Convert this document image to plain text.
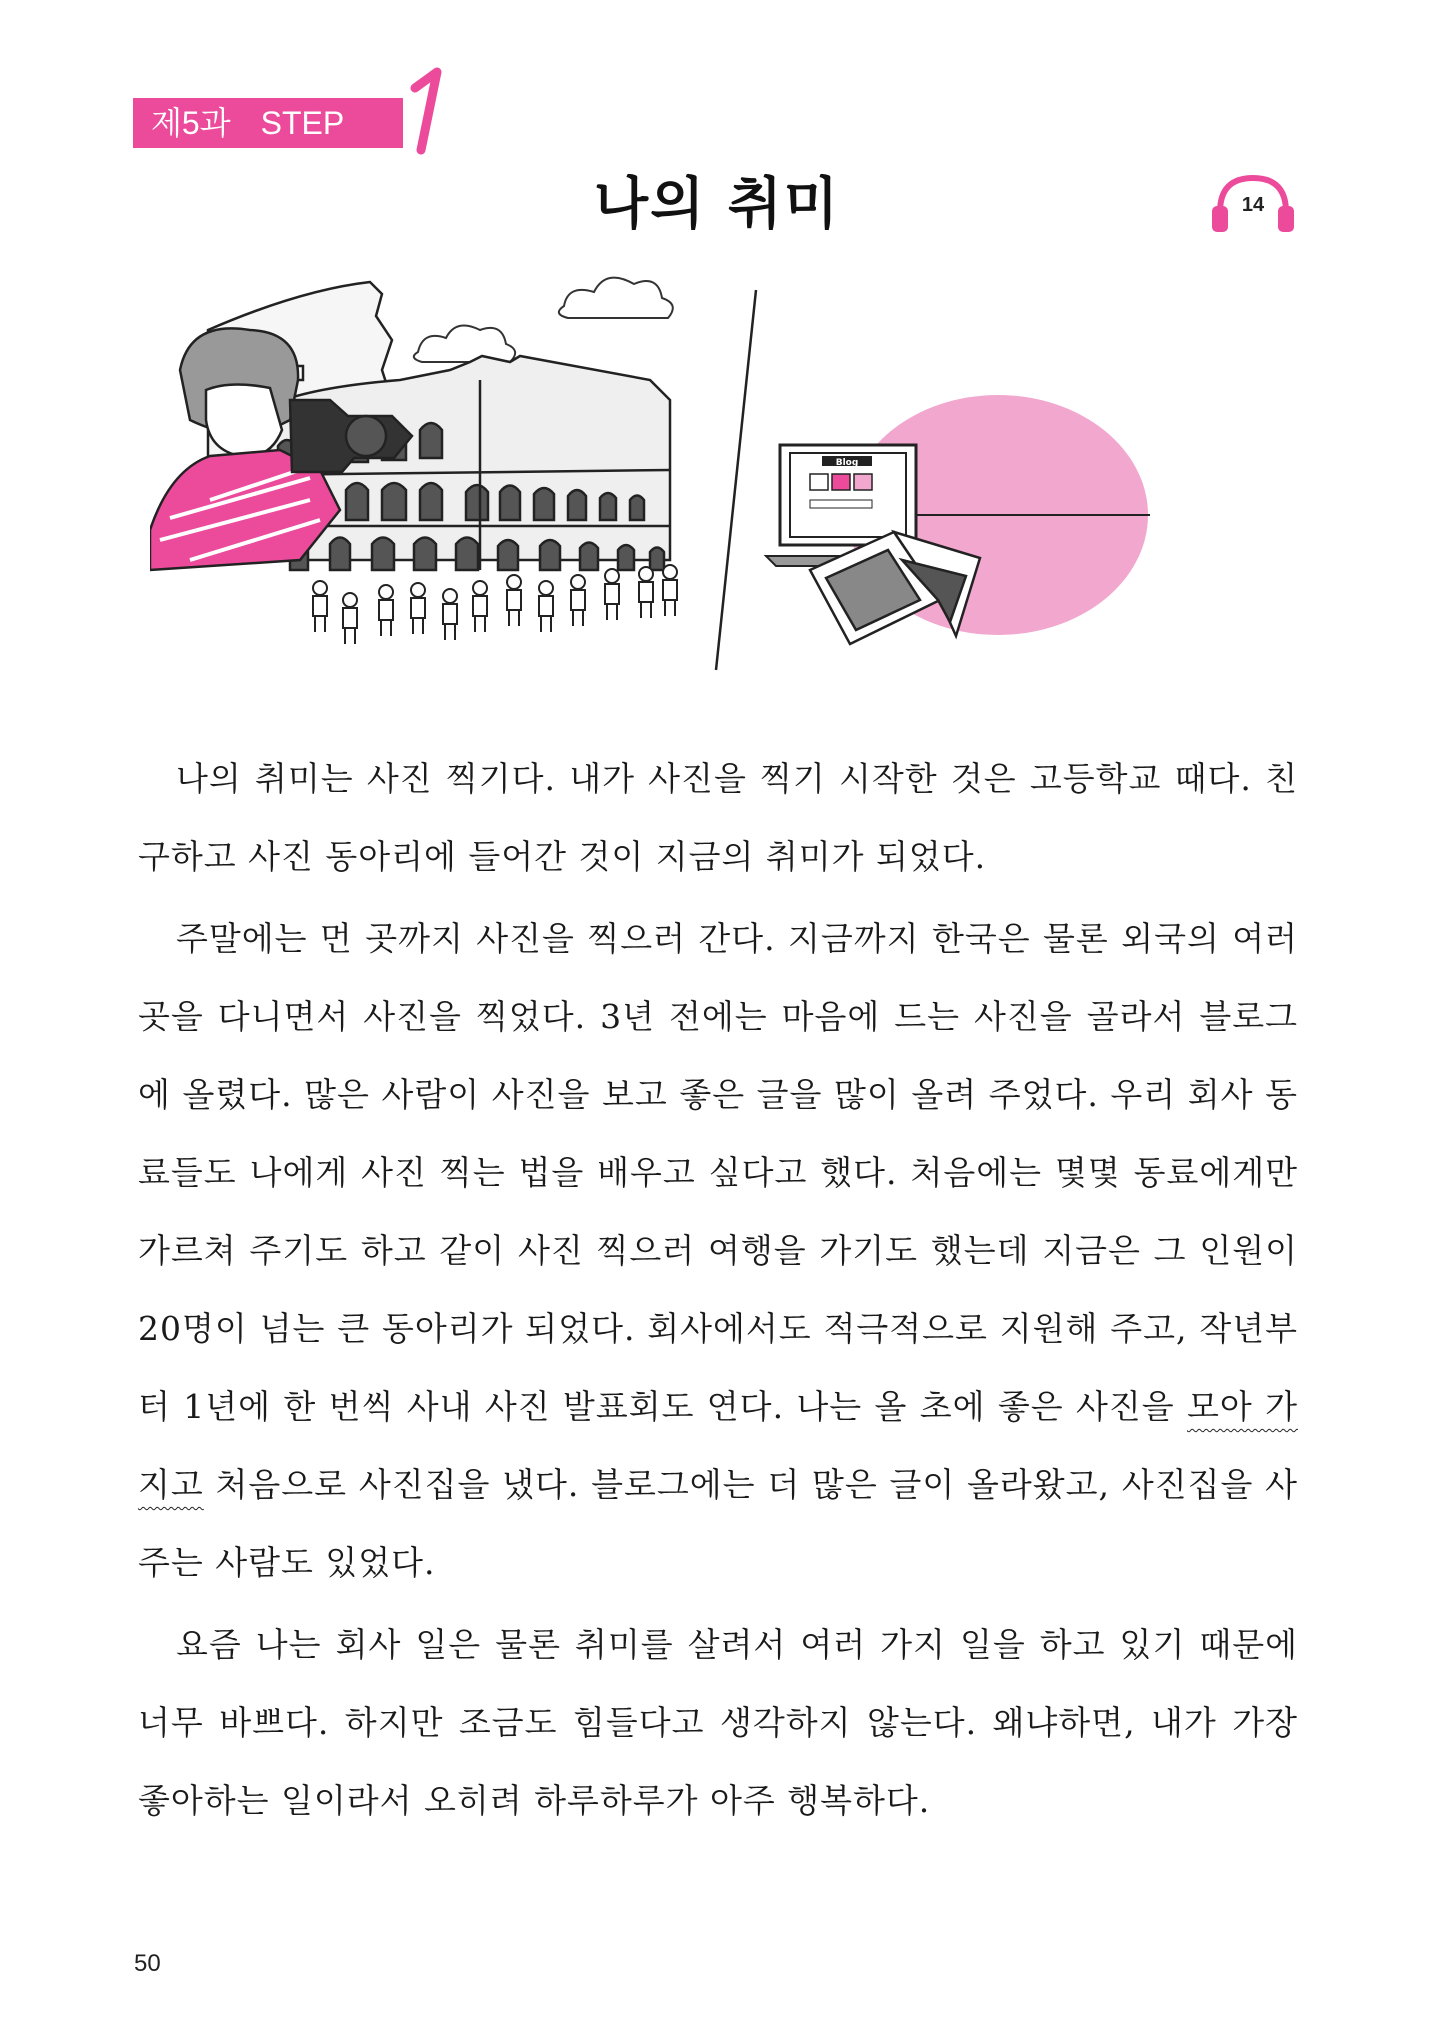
제5과 STEP
나의 취미	14
Blog

나의 취미는 사진 찍기다. 내가 사진을 찍기 시작한 것은 고등학교 때다. 친구하고 사진 동아리에 들어간 것이 지금의 취미가 되었다.

주말에는 먼 곳까지 사진을 찍으러 간다. 지금까지 한국은 물론 외국의 여러 곳을 다니면서 사진을 찍었다. 3년 전에는 마음에 드는 사진을 골라서 블로그에 올렸다. 많은 사람이 사진을 보고 좋은 글을 많이 올려 주었다. 우리 회사 동료들도 나에게 사진 찍는 법을 배우고 싶다고 했다. 처음에는 몇몇 동료에게만 가르쳐 주기도 하고 같이 사진 찍으러 여행을 가기도 했는데 지금은 그 인원이 20명이 넘는 큰 동아리가 되었다. 회사에서도 적극적으로 지원해 주고, 작년부터 1년에 한 번씩 사내 사진 발표회도 연다. 나는 올 초에 좋은 사진을 모아 가지고 처음으로 사진집을 냈다. 블로그에는 더 많은 글이 올라왔고, 사진집을 사 주는 사람도 있었다.

요즘 나는 회사 일은 물론 취미를 살려서 여러 가지 일을 하고 있기 때문에 너무 바쁘다. 하지만 조금도 힘들다고 생각하지 않는다. 왜냐하면, 내가 가장 좋아하는 일이라서 오히려 하루하루가 아주 행복하다.

50
